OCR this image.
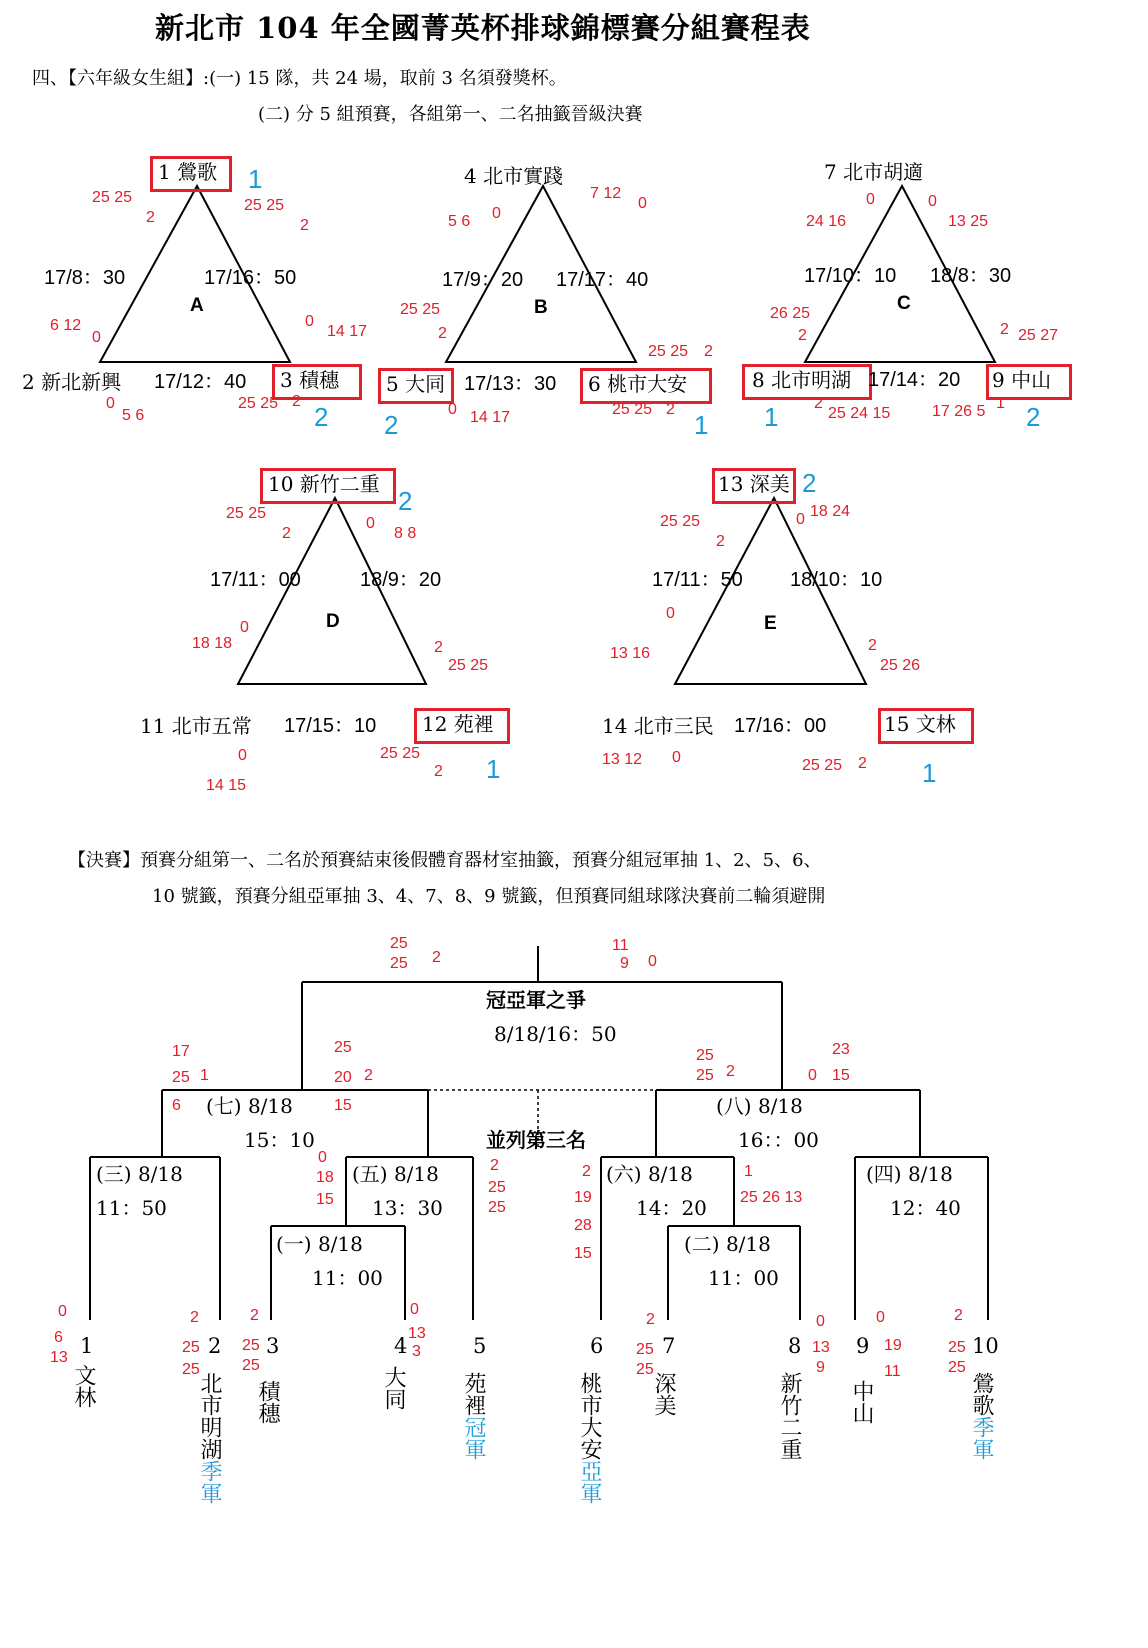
新北市 104 年全國菁英杯排球錦標賽分組賽程表
四、【六年級女生組】:(一) 15 隊，共 24 場，取前 3 名須發獎杯。
(二) 分 5 組預賽，各組第一、二名抽籤晉級決賽
1 鶯歌 1
25 25
2
25 25
2
17/8：30	17/16：50
A
6 12
0
0
14 17
2 新北新興 17/12：40 3 積穗
0
5 6
25 25 2
2
4 北市實踐
7 12
0
5 6 0
17/9：20 17/17：40
B
25 25
2
25 25 2
5 大同 17/13：30 6 桃市大安
0 14 17	25 25 2
2	1
7 北市胡適
0	0
24 16	13 25
17/10：10 18/8：30
C
26 25
2	2 25 27
8 北市明湖 17/14：20 9 中山
2
25 24 15	17 26 5 1
1	2
10 新竹二重
2
25 25
2
0
8 8
17/11：00	18/9：20
D
0
18 18	2
25 25
11 北市五常 17/15：10 12 苑裡
0
14 15
25 25
2 1
13 深美 2
0 18 24
25 25
2
17/11：50 18/10：10
0	E
13 16	2
25 26
14 北市三民 17/16：00	15 文林
13 12 0	25 25 2 1
【決賽】預賽分組第一、二名於預賽結束後假體育器材室抽籤，預賽分組冠軍抽 1、2、5、6、
10 號籤，預賽分組亞軍抽 3、4、7、8、9 號籤，但預賽同組球隊決賽前二輪須避開
25
25 2
11
9 0
冠亞軍之爭
8/18/16：50
17
25 1
6
25
20 2
15
(七) 8/18
15：10
25
25 2
23
0 15
(八) 8/18
16：：00
並列第三名
(三) 8/18
11：50
0
18
15
(五) 8/18
13：30
2
25
25
2
19
28
15
(六) 8/18
14：20
1
25 26 13
(四) 8/18
12：40
(一) 8/18
11：00
(二) 8/18
11：00
0
6
13
2
25
25
2
25
25
0
13
3
2
25
25
0
13
9
0
19
11
2
25
25
1	2 3	4	5	6	7	8	9	10
文林	北市明湖季軍
積穗	大同	苑裡冠軍	桃市大安亞軍
深美	新竹二重	中山	鶯歌季軍
